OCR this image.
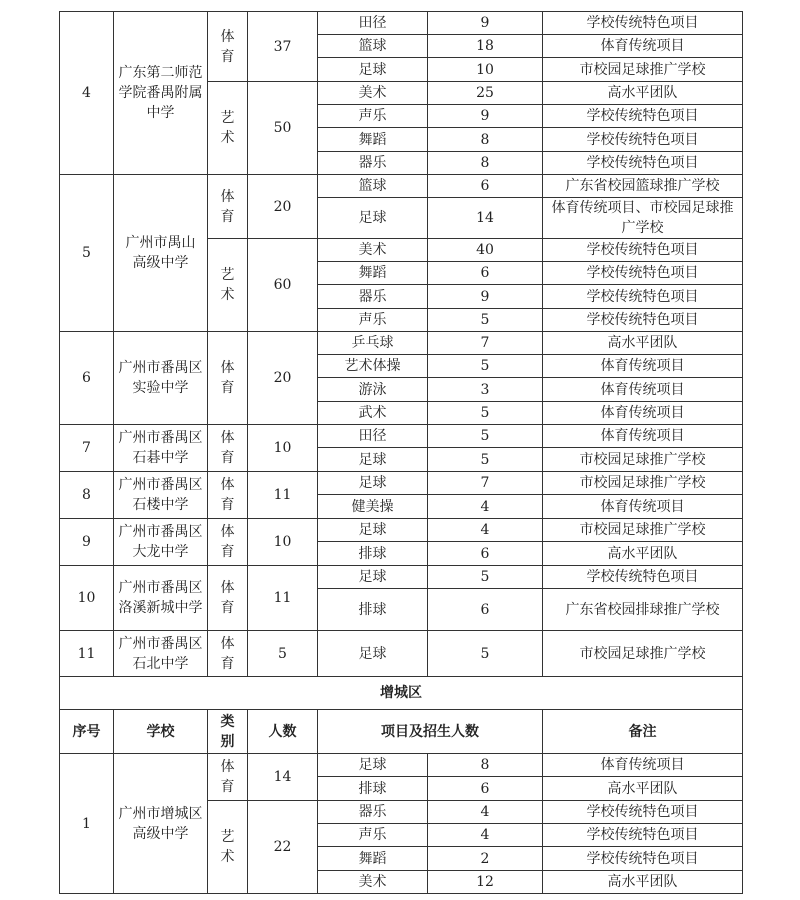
4	广东第二师范学院番禺附属中学	体育	37	田径	9	学校传统特色项目
				篮球	18	体育传统项目
				足球	10	市校园足球推广学校

		艺术	50	美术	25	高水平团队
				声乐	9	学校传统特色项目
				舞蹈	8	学校传统特色项目
				器乐	8	学校传统特色项目
5	广州市禺山高级中学	体育	20	篮球	6	广东省校园篮球推广学校
				足球	14	体育传统项目、市校园足球推广学校

		艺术	60	美术	40	学校传统特色项目
				舞蹈	6	学校传统特色项目
				器乐	9	学校传统特色项目
				声乐	5	学校传统特色项目
6	广州市番禺区实验中学	体育	20	乒乓球	7	高水平团队
				艺术体操	5	体育传统项目
				游泳	3	体育传统项目
				武术	5	体育传统项目
7	广州市番禺区石碁中学	体育	10	田径	5	体育传统项目
				足球	5	市校园足球推广学校
8	广州市番禺区石楼中学	体育	11	足球	7	市校园足球推广学校
				健美操	4	体育传统项目
9	广州市番禺区大龙中学	体育	10	足球	4	市校园足球推广学校
				排球	6	高水平团队
10	广州市番禺区洛溪新城中学	体育	11	足球	5	学校传统特色项目
				排球	6	广东省校园排球推广学校
11	广州市番禺区石北中学	体育	5	足球	5	市校园足球推广学校
增城区						
序号	学校	类别	人数	项目及招生人数		备注
1	广州市增城区高级中学	体育	14	足球	8	体育传统项目
				排球	6	高水平团队

		艺术	22	器乐	4	学校传统特色项目
				声乐	4	学校传统特色项目
				舞蹈	2	学校传统特色项目
				美术	12	高水平团队
